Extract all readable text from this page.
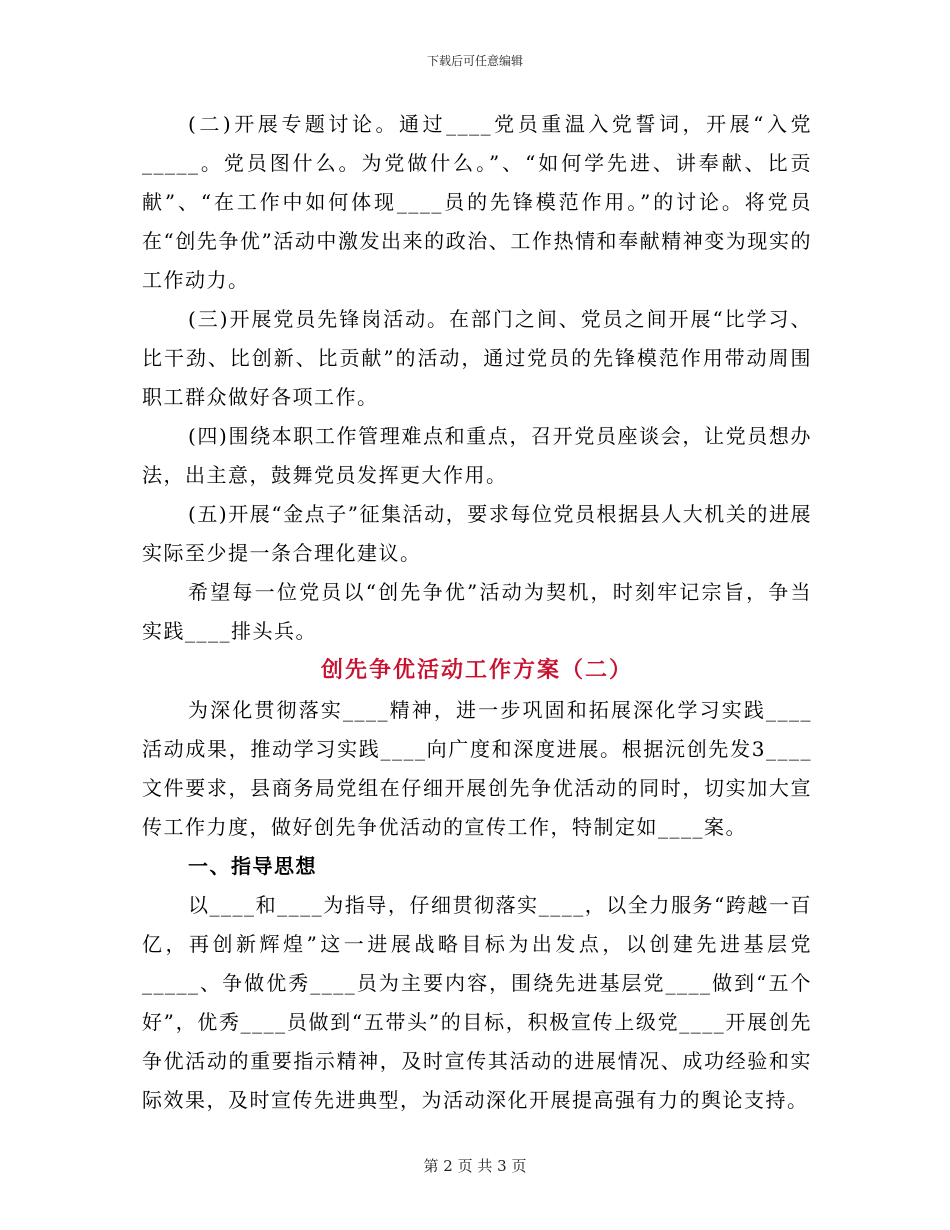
下载后可任意编辑

(二)开展专题讨论。通过____党员重温入党誓词，开展“入党_____。党员图什么。为党做什么。”、“如何学先进、讲奉献、比贡献”、“在工作中如何体现____员的先锋模范作用。”的讨论。将党员在“创先争优”活动中激发出来的政治、工作热情和奉献精神变为现实的工作动力。

(三)开展党员先锋岗活动。在部门之间、党员之间开展“比学习、比干劲、比创新、比贡献”的活动，通过党员的先锋模范作用带动周围职工群众做好各项工作。

(四)围绕本职工作管理难点和重点，召开党员座谈会，让党员想办法，出主意，鼓舞党员发挥更大作用。

(五)开展“金点子”征集活动，要求每位党员根据县人大机关的进展实际至少提一条合理化建议。

希望每一位党员以“创先争优”活动为契机，时刻牢记宗旨，争当实践____排头兵。

创先争优活动工作方案（二）

为深化贯彻落实____精神，进一步巩固和拓展深化学习实践____活动成果，推动学习实践____向广度和深度进展。根据沅创先发3____文件要求，县商务局党组在仔细开展创先争优活动的同时，切实加大宣传工作力度，做好创先争优活动的宣传工作，特制定如____案。

一、指导思想

以____和____为指导，仔细贯彻落实____，以全力服务“跨越一百亿，再创新辉煌”这一进展战略目标为出发点，以创建先进基层党_____、争做优秀____员为主要内容，围绕先进基层党____做到“五个好”，优秀____员做到“五带头”的目标，积极宣传上级党____开展创先争优活动的重要指示精神，及时宣传其活动的进展情况、成功经验和实际效果，及时宣传先进典型，为活动深化开展提高强有力的舆论支持。

第 2 页 共 3 页
